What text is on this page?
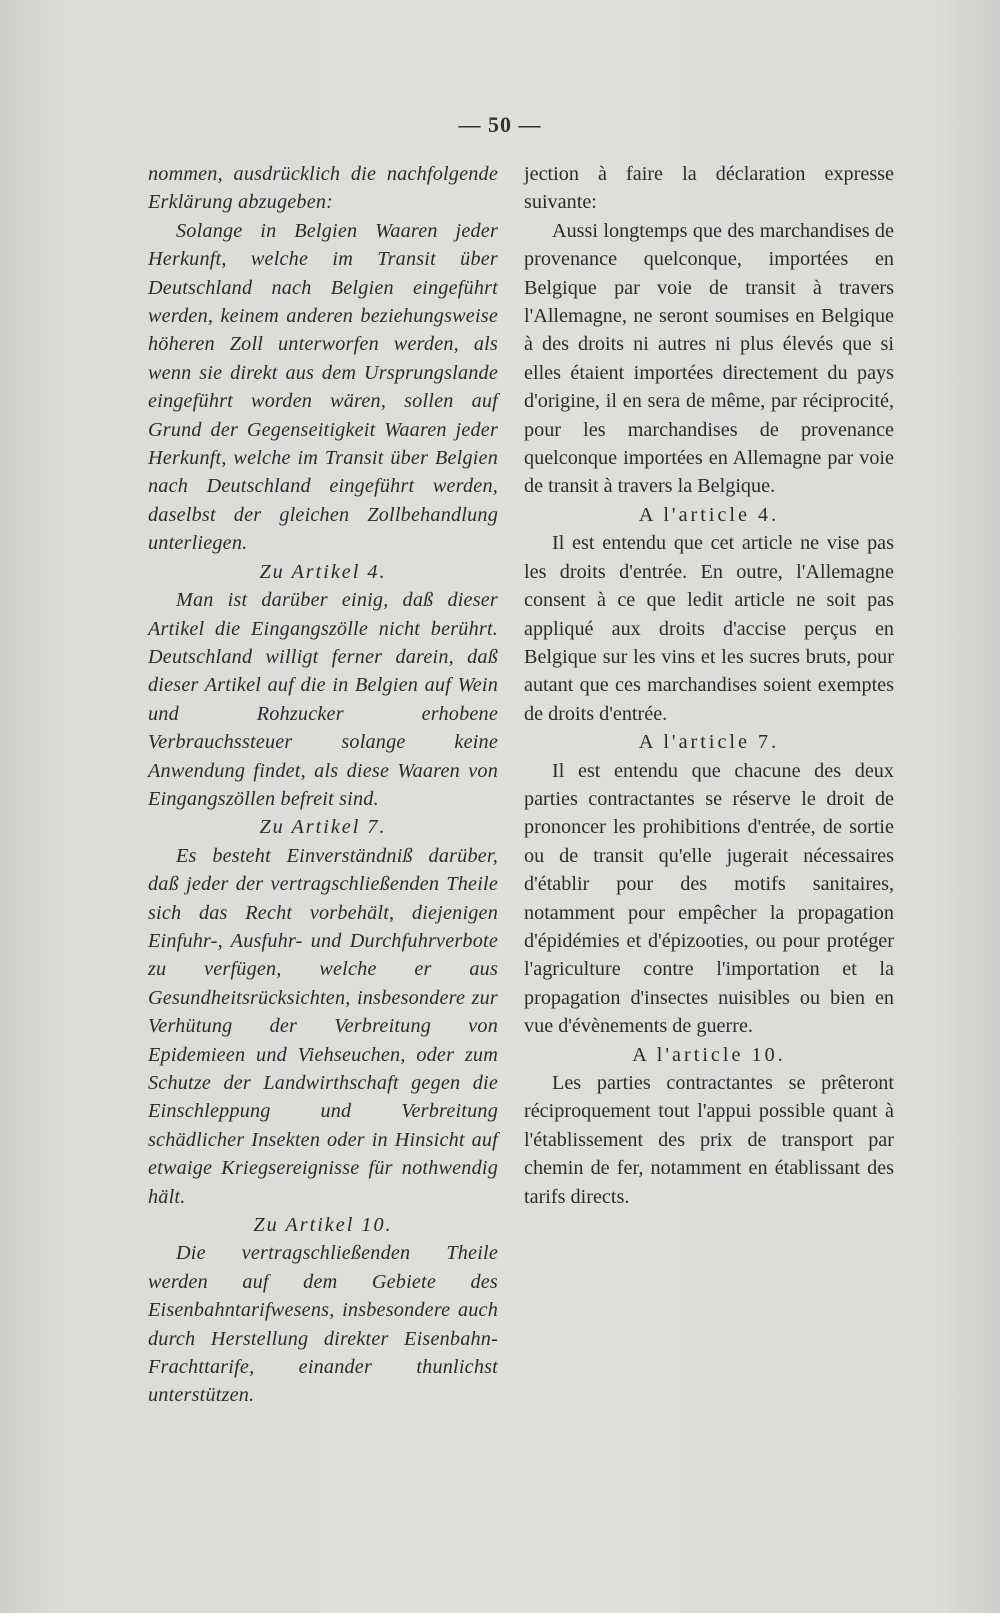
— 50 —

nommen, ausdrücklich die nachfolgende Erklärung abzugeben:

Solange in Belgien Waaren jeder Herkunft, welche im Transit über Deutschland nach Belgien eingeführt werden, keinem anderen beziehungsweise höheren Zoll unterworfen werden, als wenn sie direkt aus dem Ursprungslande eingeführt worden wären, sollen auf Grund der Gegenseitigkeit Waaren jeder Herkunft, welche im Transit über Belgien nach Deutschland eingeführt werden, daselbst der gleichen Zollbehandlung unterliegen.

Zu Artikel 4.

Man ist darüber einig, daß dieser Artikel die Eingangszölle nicht berührt. Deutschland willigt ferner darein, daß dieser Artikel auf die in Belgien auf Wein und Rohzucker erhobene Verbrauchssteuer solange keine Anwendung findet, als diese Waaren von Eingangszöllen befreit sind.

Zu Artikel 7.

Es besteht Einverständniß darüber, daß jeder der vertragschließenden Theile sich das Recht vorbehält, diejenigen Einfuhr-, Ausfuhr- und Durchfuhrverbote zu verfügen, welche er aus Gesundheitsrücksichten, insbesondere zur Verhütung der Verbreitung von Epidemieen und Viehseuchen, oder zum Schutze der Landwirthschaft gegen die Einschleppung und Verbreitung schädlicher Insekten oder in Hinsicht auf etwaige Kriegsereignisse für nothwendig hält.

Zu Artikel 10.

Die vertragschließenden Theile werden auf dem Gebiete des Eisenbahntarifwesens, insbesondere auch durch Herstellung direkter Eisenbahn-Frachttarife, einander thunlichst unterstützen.

jection à faire la déclaration expresse suivante:

Aussi longtemps que des marchandises de provenance quelconque, importées en Belgique par voie de transit à travers l'Allemagne, ne seront soumises en Belgique à des droits ni autres ni plus élevés que si elles étaient importées directement du pays d'origine, il en sera de même, par réciprocité, pour les marchandises de provenance quelconque importées en Allemagne par voie de transit à travers la Belgique.

A l'article 4.

Il est entendu que cet article ne vise pas les droits d'entrée. En outre, l'Allemagne consent à ce que ledit article ne soit pas appliqué aux droits d'accise perçus en Belgique sur les vins et les sucres bruts, pour autant que ces marchandises soient exemptes de droits d'entrée.

A l'article 7.

Il est entendu que chacune des deux parties contractantes se réserve le droit de prononcer les prohibitions d'entrée, de sortie ou de transit qu'elle jugerait nécessaires d'établir pour des motifs sanitaires, notamment pour empêcher la propagation d'épidémies et d'épizooties, ou pour protéger l'agriculture contre l'importation et la propagation d'insectes nuisibles ou bien en vue d'évènements de guerre.

A l'article 10.

Les parties contractantes se prêteront réciproquement tout l'appui possible quant à l'établissement des prix de transport par chemin de fer, notamment en établissant des tarifs directs.
